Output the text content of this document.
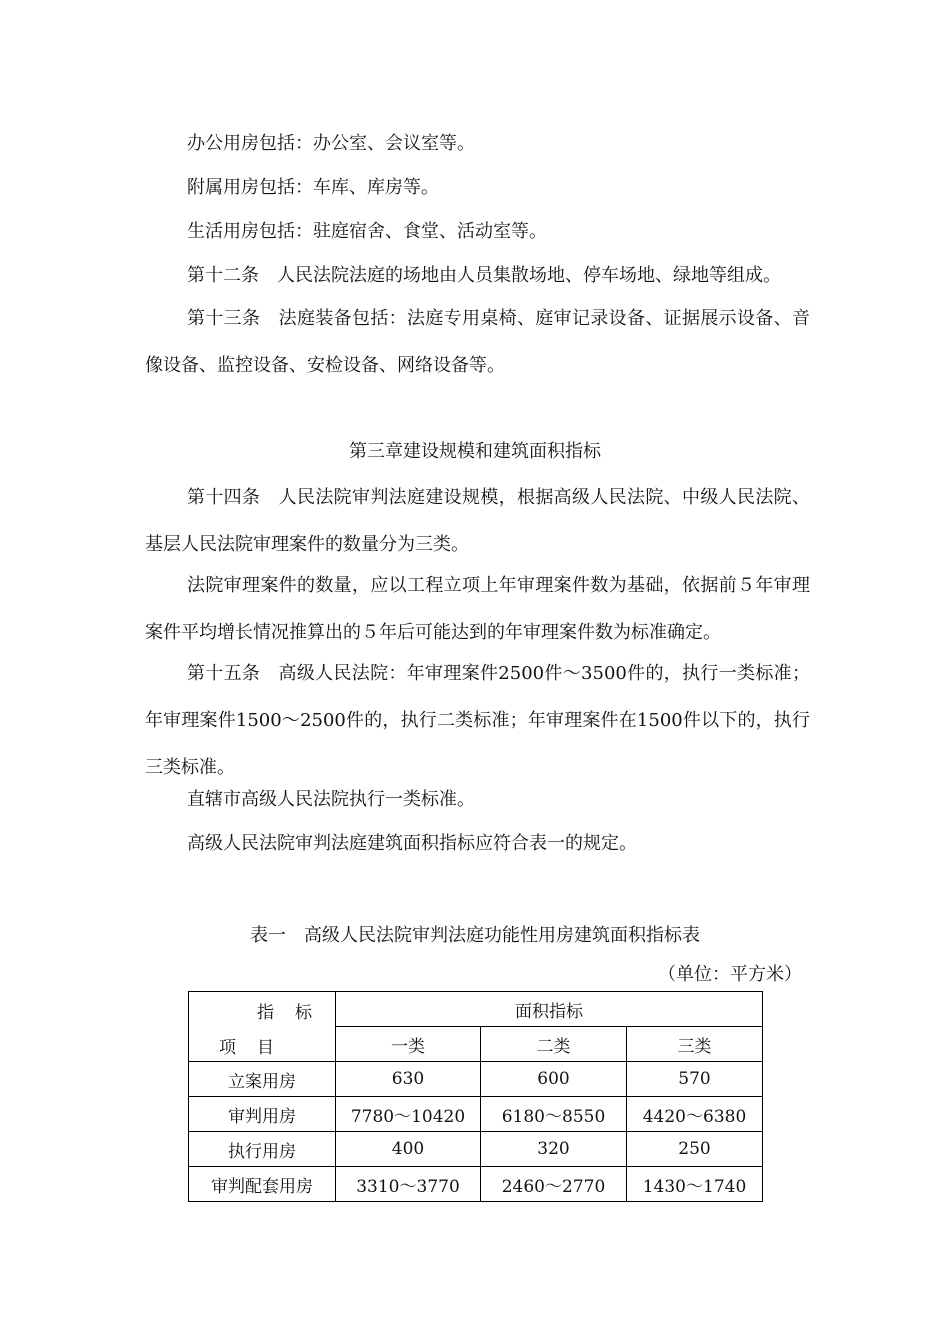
办公用房包括：办公室、会议室等。

附属用房包括：车库、库房等。

生活用房包括：驻庭宿舍、食堂、活动室等。

第十二条　人民法院法庭的场地由人员集散场地、停车场地、绿地等组成。

第十三条　法庭装备包括：法庭专用桌椅、庭审记录设备、证据展示设备、音像设备、监控设备、安检设备、网络设备等。

第三章建设规模和建筑面积指标

第十四条　人民法院审判法庭建设规模，根据高级人民法院、中级人民法院、基层人民法院审理案件的数量分为三类。

法院审理案件的数量，应以工程立项上年审理案件数为基础，依据前５年审理案件平均增长情况推算出的５年后可能达到的年审理案件数为标准确定。

第十五条　高级人民法院：年审理案件2500件～3500件的，执行一类标准；年审理案件1500～2500件的，执行二类标准；年审理案件在1500件以下的，执行三类标准。

直辖市高级人民法院执行一类标准。

高级人民法院审判法庭建筑面积指标应符合表一的规定。

表一　高级人民法院审判法庭功能性用房建筑面积指标表

（单位：平方米）

指　标
项　目	面积指标		
	一类	二类	三类
立案用房	630	600	570
审判用房	7780～10420	6180～8550	4420～6380
执行用房	400	320	250
审判配套用房	3310～3770	2460～2770	1430～1740
